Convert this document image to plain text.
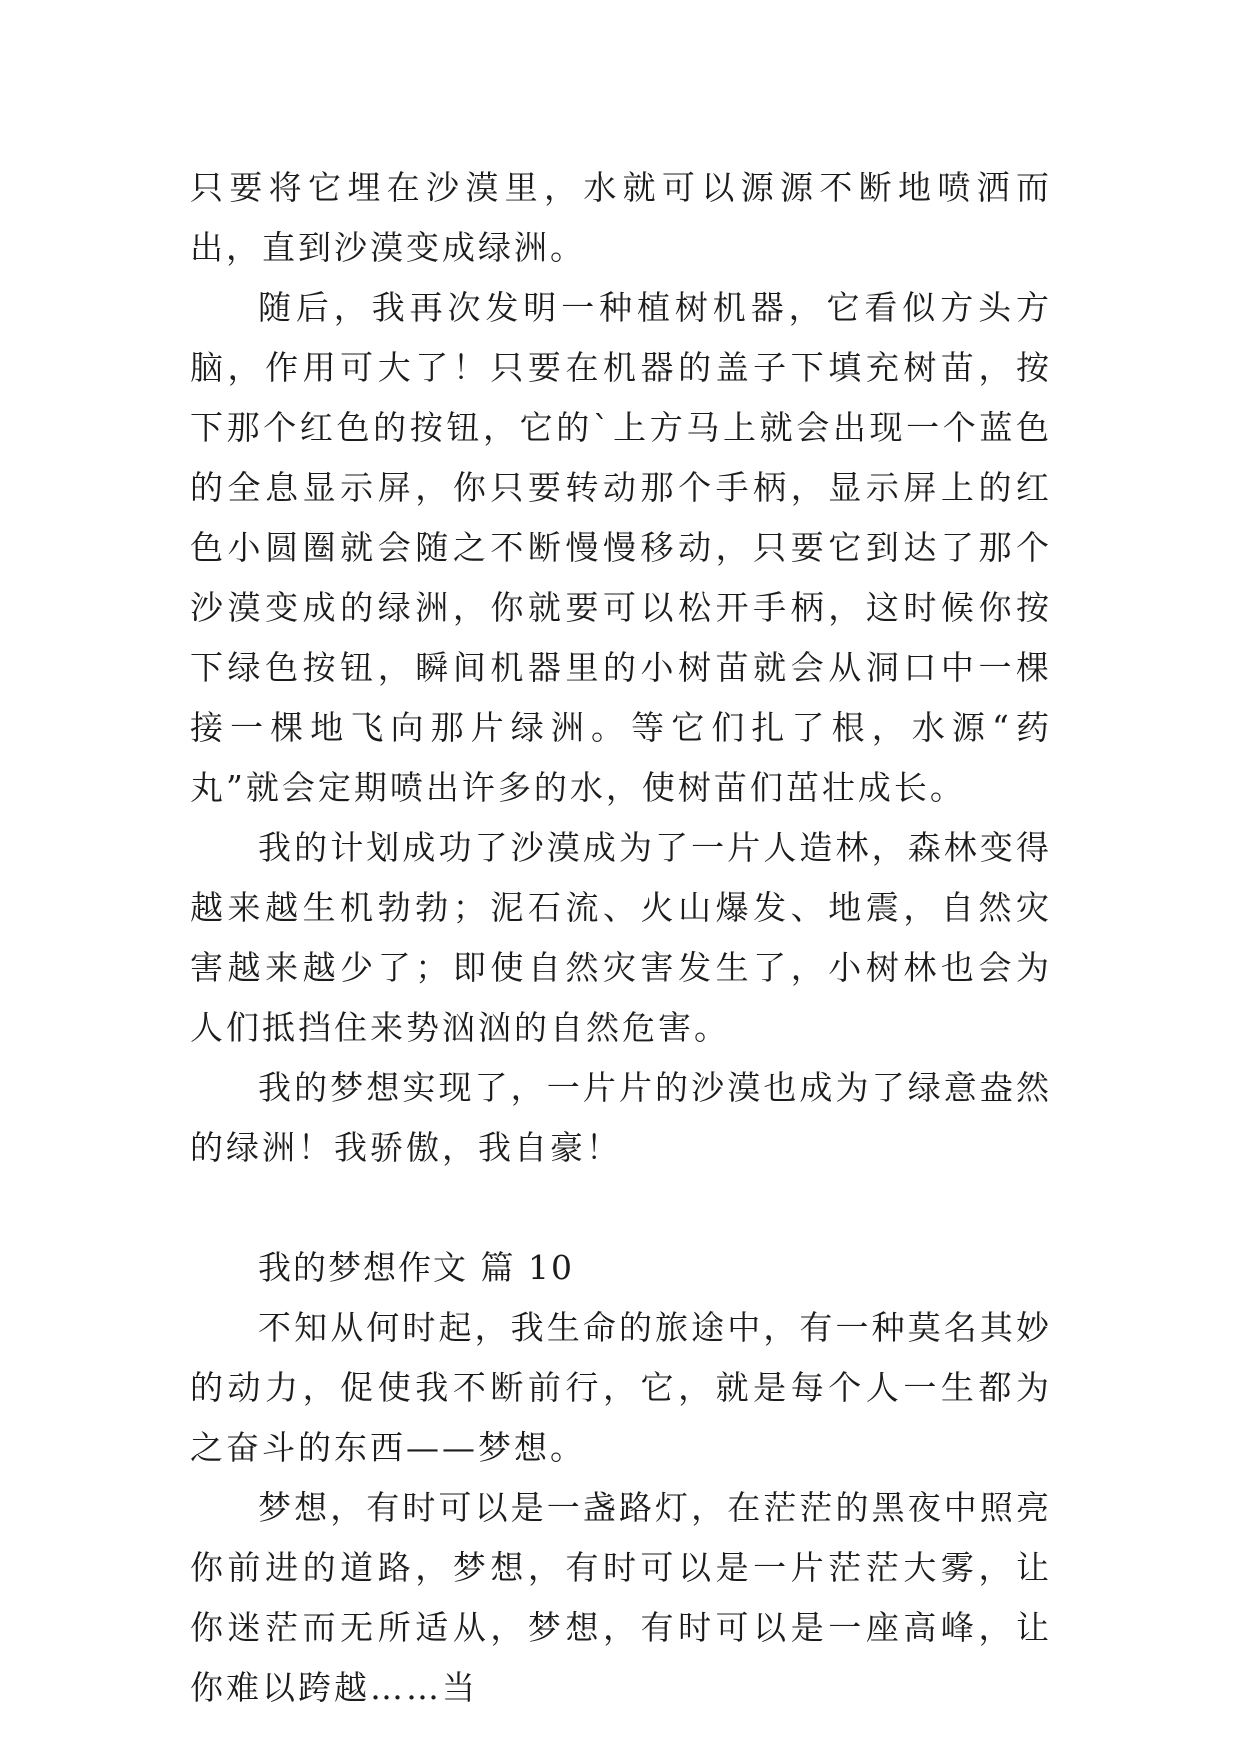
只要将它埋在沙漠里，水就可以源源不断地喷洒而出，直到沙漠变成绿洲。

随后，我再次发明一种植树机器，它看似方头方脑，作用可大了！只要在机器的盖子下填充树苗，按下那个红色的按钮，它的`上方马上就会出现一个蓝色的全息显示屏，你只要转动那个手柄，显示屏上的红色小圆圈就会随之不断慢慢移动，只要它到达了那个沙漠变成的绿洲，你就要可以松开手柄，这时候你按下绿色按钮，瞬间机器里的小树苗就会从洞口中一棵接一棵地飞向那片绿洲。等它们扎了根，水源“药丸”就会定期喷出许多的水，使树苗们茁壮成长。

我的计划成功了沙漠成为了一片人造林，森林变得越来越生机勃勃；泥石流、火山爆发、地震，自然灾害越来越少了；即使自然灾害发生了，小树林也会为人们抵挡住来势汹汹的自然危害。

我的梦想实现了，一片片的沙漠也成为了绿意盎然的绿洲！我骄傲，我自豪！

我的梦想作文 篇 10

不知从何时起，我生命的旅途中，有一种莫名其妙的动力，促使我不断前行，它，就是每个人一生都为之奋斗的东西——梦想。

梦想，有时可以是一盏路灯，在茫茫的黑夜中照亮你前进的道路，梦想，有时可以是一片茫茫大雾，让你迷茫而无所适从，梦想，有时可以是一座高峰，让你难以跨越……当
